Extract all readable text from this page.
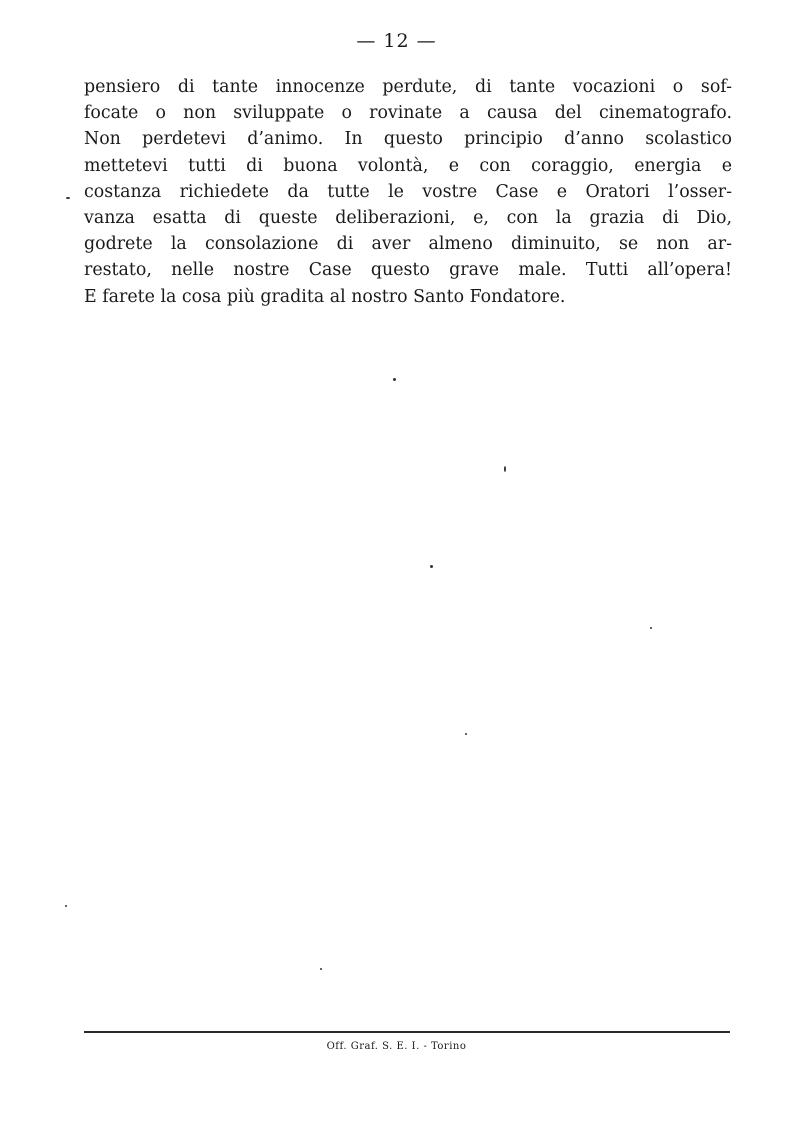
— 12 —
pensiero di tante innocenze perdute, di tante vocazioni o sof-
focate o non sviluppate o rovinate a causa del cinematografo.
Non perdetevi d’animo. In questo principio d’anno scolastico
mettetevi tutti di buona volontà, e con coraggio, energia e
costanza richiedete da tutte le vostre Case e Oratori l’osser-
vanza esatta di queste deliberazioni, e, con la grazia di Dio,
godrete la consolazione di aver almeno diminuito, se non ar-
restato, nelle nostre Case questo grave male. Tutti all’opera!
E farete la cosa più gradita al nostro Santo Fondatore.
Off. Graf. S. E. I. - Torino
